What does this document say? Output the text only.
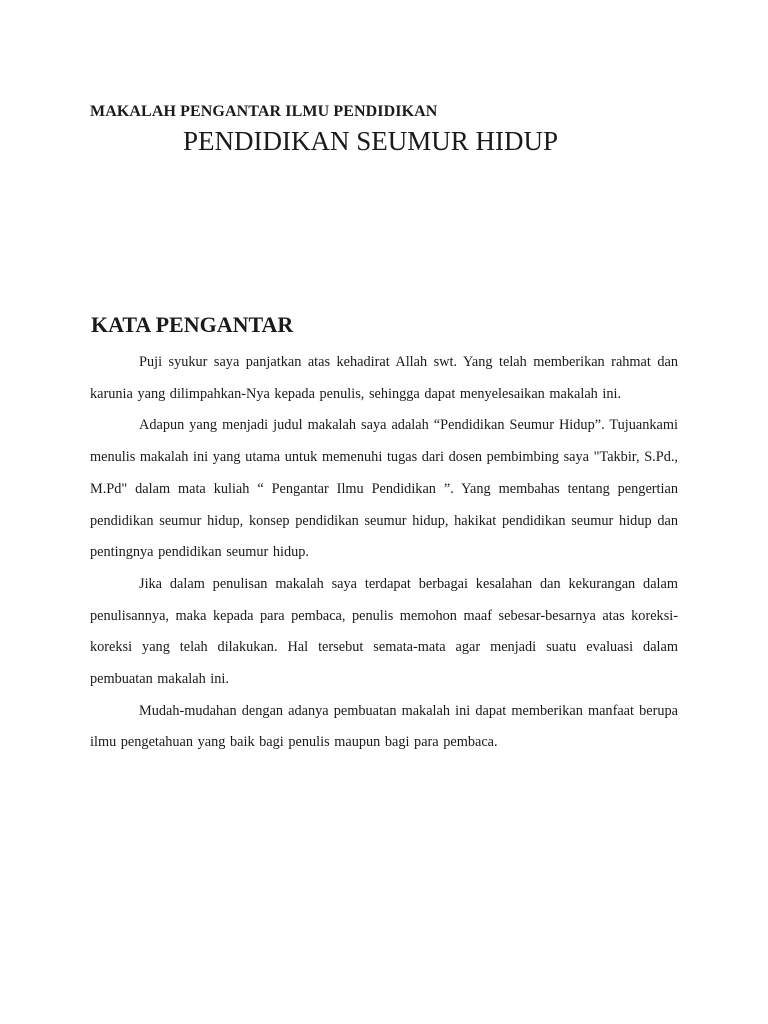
MAKALAH PENGANTAR ILMU PENDIDIKAN
PENDIDIKAN SEUMUR HIDUP
KATA PENGANTAR

Puji syukur saya panjatkan atas kehadirat Allah swt. Yang telah memberikan rahmat dan karunia yang dilimpahkan-Nya kepada penulis, sehingga dapat menyelesaikan makalah ini.

Adapun yang menjadi judul makalah saya adalah “Pendidikan Seumur Hidup”. Tujuankami menulis makalah ini yang utama untuk memenuhi tugas dari dosen pembimbing saya "Takbir, S.Pd., M.Pd" dalam mata kuliah “ Pengantar Ilmu Pendidikan ”. Yang membahas tentang pengertian pendidikan seumur hidup, konsep pendidikan seumur hidup, hakikat pendidikan seumur hidup dan pentingnya pendidikan seumur hidup.

Jika dalam penulisan makalah saya terdapat berbagai kesalahan dan kekurangan dalam penulisannya, maka kepada para pembaca, penulis memohon maaf sebesar-besarnya atas koreksi-koreksi yang telah dilakukan. Hal tersebut semata-mata agar menjadi suatu evaluasi dalam pembuatan makalah ini.

Mudah-mudahan dengan adanya pembuatan makalah ini dapat memberikan manfaat berupa ilmu pengetahuan yang baik bagi penulis maupun bagi para pembaca.
